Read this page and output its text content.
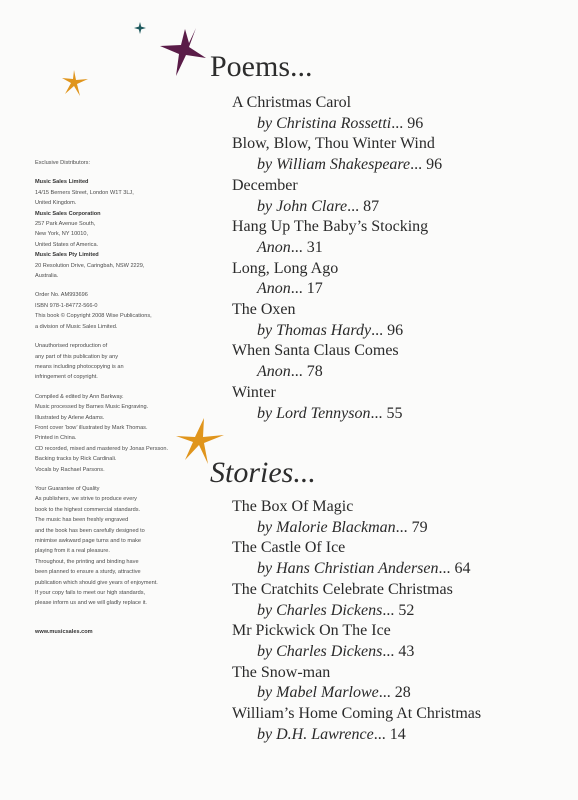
Poems...
A Christmas Carol
by Christina Rossetti... 96
Blow, Blow, Thou Winter Wind
by William Shakespeare... 96
December
by John Clare... 87
Hang Up The Baby’s Stocking
Anon... 31
Long, Long Ago
Anon... 17
The Oxen
by Thomas Hardy... 96
When Santa Claus Comes
Anon... 78
Winter
by Lord Tennyson... 55
Stories...
The Box Of Magic
by Malorie Blackman... 79
The Castle Of Ice
by Hans Christian Andersen... 64
The Cratchits Celebrate Christmas
by Charles Dickens... 52
Mr Pickwick On The Ice
by Charles Dickens... 43
The Snow-man
by Mabel Marlowe... 28
William’s Home Coming At Christmas
by D.H. Lawrence... 14
Exclusive Distributors:
Music Sales Limited
14/15 Berners Street, London W1T 3LJ,
United Kingdom.
Music Sales Corporation
257 Park Avenue South,
New York, NY 10010,
United States of America.
Music Sales Pty Limited
20 Resolution Drive, Caringbah, NSW 2229,
Australia.
Order No. AM993696
ISBN 978-1-84772-566-0
This book © Copyright 2008 Wise Publications,
a division of Music Sales Limited.
Unauthorised reproduction of
any part of this publication by any
means including photocopying is an
infringement of copyright.
Compiled & edited by Ann Barkway.
Music processed by Barnes Music Engraving.
Illustrated by Arlene Adams.
Front cover ‘bow’ illustrated by Mark Thomas.
Printed in China.
CD recorded, mixed and mastered by Jonas Persson.
Backing tracks by Rick Cardinali.
Vocals by Rachael Parsons.
Your Guarantee of Quality
As publishers, we strive to produce every
book to the highest commercial standards.
The music has been freshly engraved
and the book has been carefully designed to
minimise awkward page turns and to make
playing from it a real pleasure.
Throughout, the printing and binding have
been planned to ensure a sturdy, attractive
publication which should give years of enjoyment.
If your copy fails to meet our high standards,
please inform us and we will gladly replace it.
www.musicsales.com
